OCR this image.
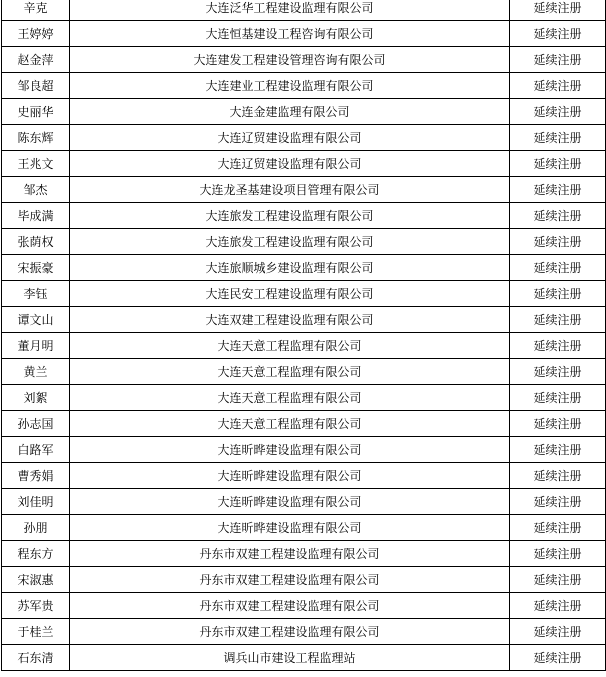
辛克	大连泛华工程建设监理有限公司	延续注册
王婷婷	大连恒基建设工程咨询有限公司	延续注册
赵金萍	大连建发工程建设管理咨询有限公司	延续注册
邹良超	大连建业工程建设监理有限公司	延续注册
史丽华	大连金建监理有限公司	延续注册
陈东辉	大连辽贸建设监理有限公司	延续注册
王兆文	大连辽贸建设监理有限公司	延续注册
邹杰	大连龙圣基建设项目管理有限公司	延续注册
毕成满	大连旅发工程建设监理有限公司	延续注册
张荫权	大连旅发工程建设监理有限公司	延续注册
宋振豪	大连旅顺城乡建设监理有限公司	延续注册
李钰	大连民安工程建设监理有限公司	延续注册
谭文山	大连双建工程建设监理有限公司	延续注册
董月明	大连天意工程监理有限公司	延续注册
黄兰	大连天意工程监理有限公司	延续注册
刘絮	大连天意工程监理有限公司	延续注册
孙志国	大连天意工程监理有限公司	延续注册
白路军	大连昕晔建设监理有限公司	延续注册
曹秀娟	大连昕晔建设监理有限公司	延续注册
刘佳明	大连昕晔建设监理有限公司	延续注册
孙朋	大连昕晔建设监理有限公司	延续注册
程东方	丹东市双建工程建设监理有限公司	延续注册
宋淑惠	丹东市双建工程建设监理有限公司	延续注册
苏军贵	丹东市双建工程建设监理有限公司	延续注册
于桂兰	丹东市双建工程建设监理有限公司	延续注册
石东清	调兵山市建设工程监理站	延续注册
